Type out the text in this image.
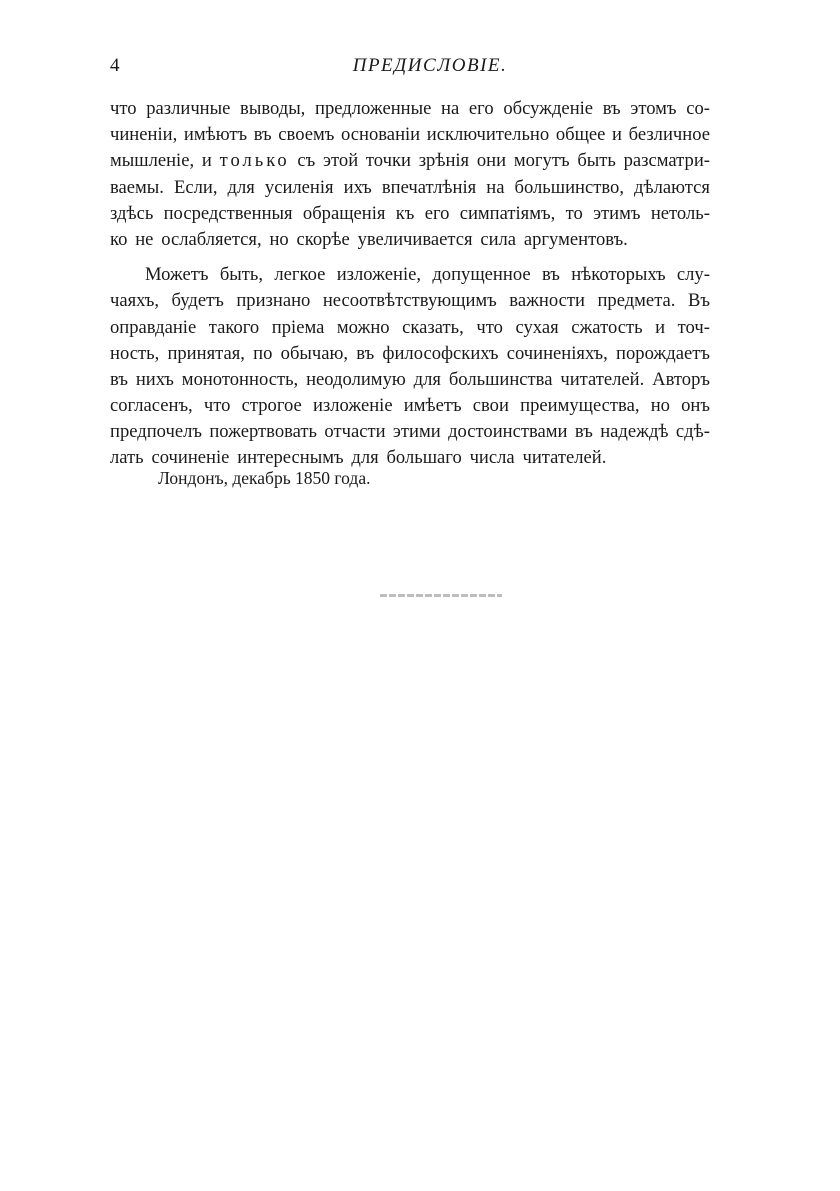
4	ПРЕДИСЛОВІЕ.
что различные выводы, предложенные на его обсужденіе въ этомъ со-
чиненіи, имѣютъ въ своемъ основаніи исключительно общее и безличное
мышленіе, и только съ этой точки зрѣнія они могутъ быть разсматри-
ваемы. Если, для усиленія ихъ впечатлѣнія на большинство, дѣлаются
здѣсь посредственныя обращенія къ его симпатіямъ, то этимъ нетоль-
ко не ослабляется, но скорѣе увеличивается сила аргументовъ.
Можетъ быть, легкое изложеніе, допущенное въ нѣкоторыхъ слу-
чаяхъ, будетъ признано несоотвѣтствующимъ важности предмета. Въ
оправданіе такого пріема можно сказать, что сухая сжатость и точ-
ность, принятая, по обычаю, въ философскихъ сочиненіяхъ, порождаетъ
въ нихъ монотонность, неодолимую для большинства читателей. Авторъ
согласенъ, что строгое изложеніе имѣетъ свои преимущества, но онъ
предпочелъ пожертвовать отчасти этими достоинствами въ надеждѣ сдѣ-
лать сочиненіе интереснымъ для большаго числа читателей.
Лондонъ, декабрь 1850 года.
